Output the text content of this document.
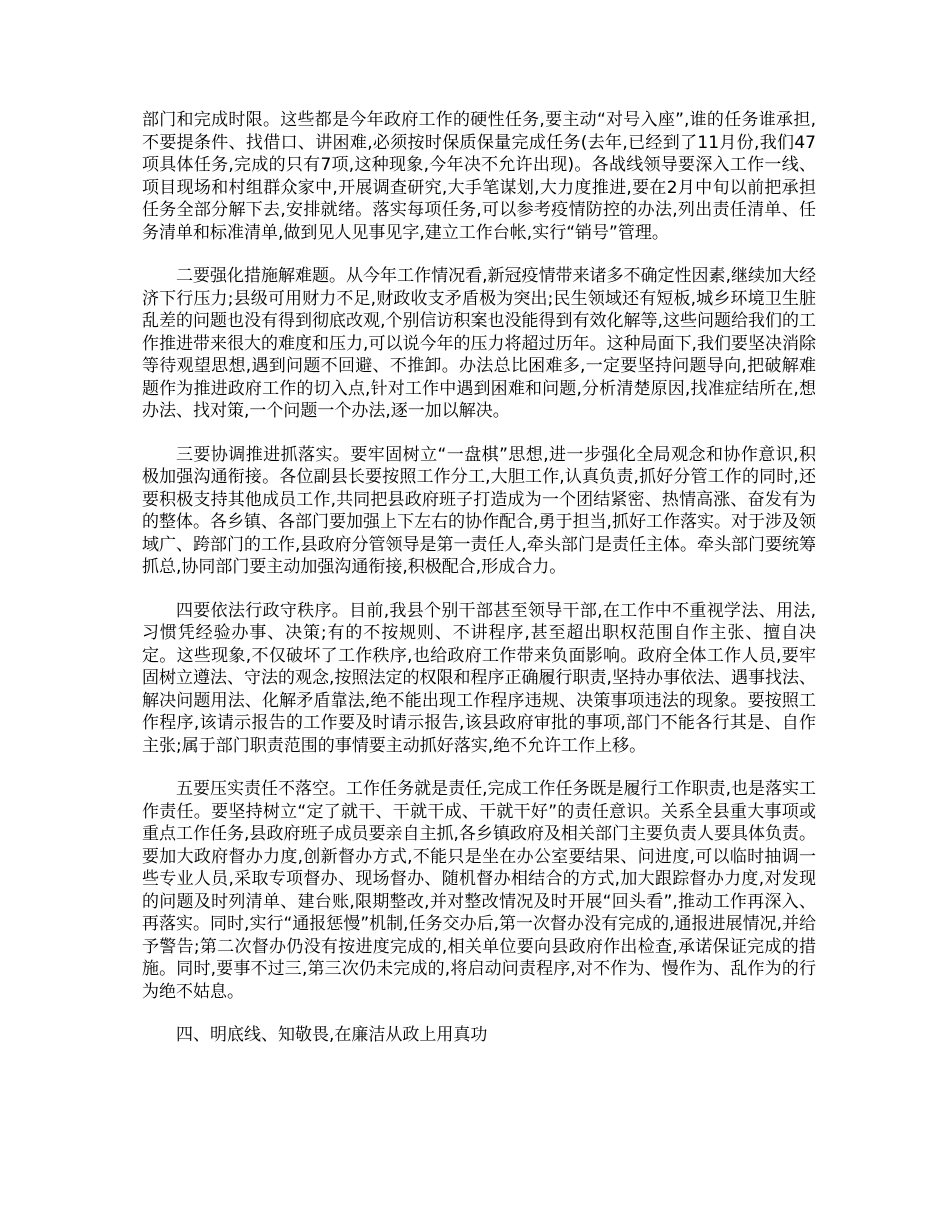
部门和完成时限。这些都是今年政府工作的硬性任务,要主动“对号入座”,谁的任务谁承担,不要提条件、找借口、讲困难,必须按时保质保量完成任务(去年,已经到了11月份,我们47项具体任务,完成的只有7项,这种现象,今年决不允许出现)。各战线领导要深入工作一线、项目现场和村组群众家中,开展调查研究,大手笔谋划,大力度推进,要在2月中旬以前把承担任务全部分解下去,安排就绪。落实每项任务,可以参考疫情防控的办法,列出责任清单、任务清单和标准清单,做到见人见事见字,建立工作台帐,实行“销号”管理。

二要强化措施解难题。从今年工作情况看,新冠疫情带来诸多不确定性因素,继续加大经济下行压力;县级可用财力不足,财政收支矛盾极为突出;民生领域还有短板,城乡环境卫生脏乱差的问题也没有得到彻底改观,个别信访积案也没能得到有效化解等,这些问题给我们的工作推进带来很大的难度和压力,可以说今年的压力将超过历年。这种局面下,我们要坚决消除等待观望思想,遇到问题不回避、不推卸。办法总比困难多,一定要坚持问题导向,把破解难题作为推进政府工作的切入点,针对工作中遇到困难和问题,分析清楚原因,找准症结所在,想办法、找对策,一个问题一个办法,逐一加以解决。

三要协调推进抓落实。要牢固树立“一盘棋”思想,进一步强化全局观念和协作意识,积极加强沟通衔接。各位副县长要按照工作分工,大胆工作,认真负责,抓好分管工作的同时,还要积极支持其他成员工作,共同把县政府班子打造成为一个团结紧密、热情高涨、奋发有为的整体。各乡镇、各部门要加强上下左右的协作配合,勇于担当,抓好工作落实。对于涉及领域广、跨部门的工作,县政府分管领导是第一责任人,牵头部门是责任主体。牵头部门要统筹抓总,协同部门要主动加强沟通衔接,积极配合,形成合力。

四要依法行政守秩序。目前,我县个别干部甚至领导干部,在工作中不重视学法、用法,习惯凭经验办事、决策;有的不按规则、不讲程序,甚至超出职权范围自作主张、擅自决定。这些现象,不仅破坏了工作秩序,也给政府工作带来负面影响。政府全体工作人员,要牢固树立遵法、守法的观念,按照法定的权限和程序正确履行职责,坚持办事依法、遇事找法、解决问题用法、化解矛盾靠法,绝不能出现工作程序违规、决策事项违法的现象。要按照工作程序,该请示报告的工作要及时请示报告,该县政府审批的事项,部门不能各行其是、自作主张;属于部门职责范围的事情要主动抓好落实,绝不允许工作上移。

五要压实责任不落空。工作任务就是责任,完成工作任务既是履行工作职责,也是落实工作责任。要坚持树立“定了就干、干就干成、干就干好”的责任意识。关系全县重大事项或重点工作任务,县政府班子成员要亲自主抓,各乡镇政府及相关部门主要负责人要具体负责。要加大政府督办力度,创新督办方式,不能只是坐在办公室要结果、问进度,可以临时抽调一些专业人员,采取专项督办、现场督办、随机督办相结合的方式,加大跟踪督办力度,对发现的问题及时列清单、建台账,限期整改,并对整改情况及时开展“回头看”,推动工作再深入、再落实。同时,实行“通报惩慢”机制,任务交办后,第一次督办没有完成的,通报进展情况,并给予警告;第二次督办仍没有按进度完成的,相关单位要向县政府作出检查,承诺保证完成的措施。同时,要事不过三,第三次仍未完成的,将启动问责程序,对不作为、慢作为、乱作为的行为绝不姑息。

四、明底线、知敬畏,在廉洁从政上用真功
